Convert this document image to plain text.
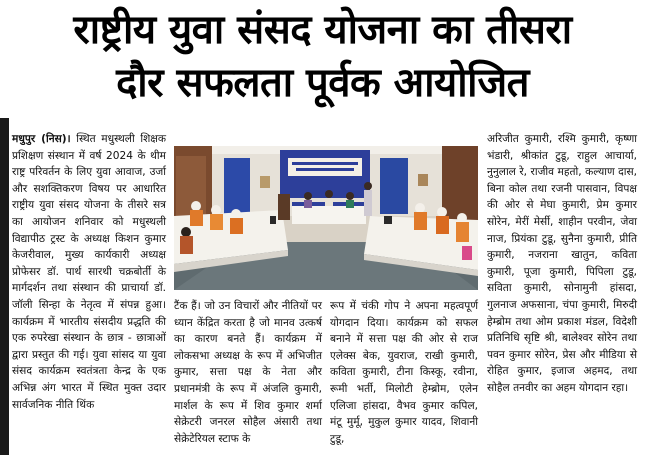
राष्ट्रीय युवा संसद योजना का तीसरा
दौर सफलता पूर्वक आयोजित
मधुपुर (निस)। स्थित मधुस्थली शिक्षक प्रशिक्षण संस्थान में वर्ष 2024 के थीम राष्ट्र परिवर्तन के लिए युवा आवाज, उर्जा और सशक्तिकरण विषय पर आधारित राष्ट्रीय युवा संसद योजना के तीसरे सत्र का आयोजन शनिवार को मधुस्थली विद्यापीठ ट्रस्ट के अध्यक्ष किशन कुमार केजरीवाल, मुख्य कार्यकारी अध्यक्ष प्रोफेसर डॉ. पार्थ सारथी चक्रबोर्ती के मार्गदर्शन तथा संस्थान की प्राचार्या डॉ. जॉली सिन्हा के नेतृत्व में संपन्न हुआ। कार्यक्रम में भारतीय संसदीय प्रद्धति की एक रुपरेखा संस्थान के छात्र - छात्राओं द्वारा प्रस्तुत की गई। युवा सांसद या युवा संसद कार्यक्रम स्वतंत्रता केन्द्र के एक अभिन्न अंग भारत में स्थित मुक्त उदार सार्वजनिक नीति थिंक
टैंक हैं। जो उन विचारों और नीतियों पर ध्यान केंद्रित करता है जो मानव उत्कर्ष का कारण बनते हैं। कार्यक्रम में लोकसभा अध्यक्ष के रूप में अभिजीत कुमार, सत्ता पक्ष के नेता और प्रधानमंत्री के रूप में अंजलि कुमारी, मार्शल के रूप में शिव कुमार शर्मा सेक्रेटरी जनरल सोहैल अंसारी तथा सेक्रेटेरियल स्टाफ के
रूप में चंकी गोप ने अपना महत्वपूर्ण योगदान दिया। कार्यक्रम को सफल बनाने में सत्ता पक्ष की ओर से राज एलेक्स बेक, युवराज, राखी कुमारी, कविता कुमारी, टीना किस्कू, रवीना, रूमी भर्ती, मिलोटी हेम्ब्रोम, एलेन एलिजा हांसदा, वैभव कुमार कपिल, मंटू मुर्मू, मुकुल कुमार यादव, शिवानी टुडू,
अरिजीत कुमारी, रश्मि कुमारी, कृष्णा भंडारी, श्रीकांत टुडू, राहुल आचार्या, नुनुलाल रे, राजीव महतो, कल्याण दास, बिना कोल तथा रजनी पासवान, विपक्ष की ओर से मेघा कुमारी, प्रेम कुमार सोरेन, मेरीं मेर्सी, शाहीन परवीन, जेवा नाज, प्रियंका टुडू, सुनैना कुमारी, प्रीति कुमारी, नजराना खातुन, कविता कुमारी, पूजा कुमारी, पिपिला टुडू, सविता कुमारी, सोनामुनी हांसदा, गुलनाज अफसाना, चंपा कुमारी, मिरुदी हेम्ब्रोम तथा ओम प्रकाश मंडल, विदेशी प्रतिनिधि सृष्टि श्री, बालेश्वर सोरेन तथा पवन कुमार सोरेन, प्रेस और मीडिया से रोहित कुमार, इजाज अहमद, तथा सोहैल तनवीर का अहम योगदान रहा।
